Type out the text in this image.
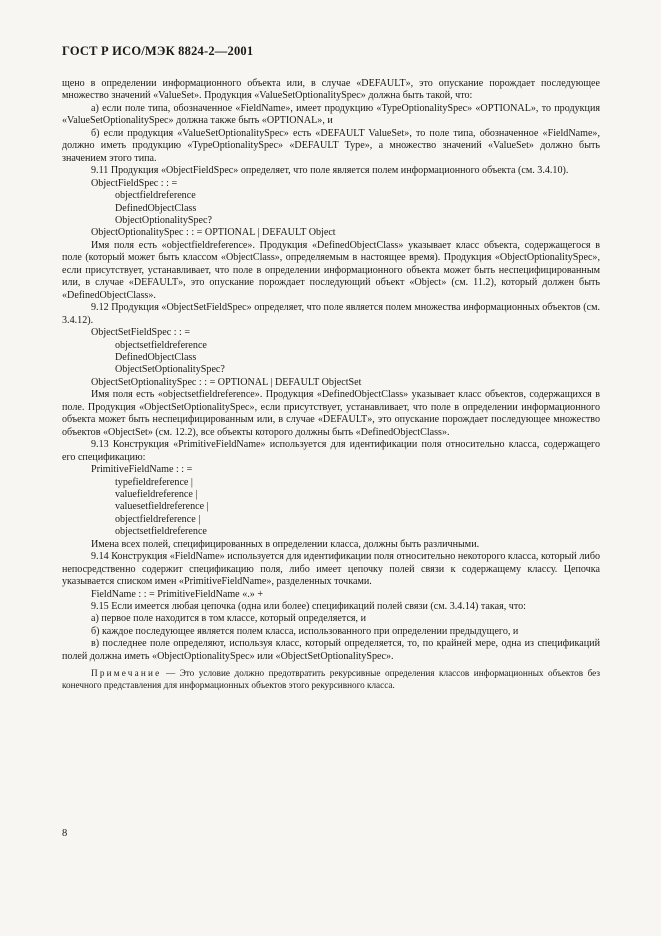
ГОСТ Р ИСО/МЭК 8824-2—2001

щено в определении информационного объекта или, в случае «DEFAULT», это опускание порождает последующее множество значений «ValueSet». Продукция «ValueSetOptionalitySpec» должна быть такой, что:

а) если поле типа, обозначенное «FieldName», имеет продукцию «TypeOptionalitySpec» «OPTIONAL», то продукция «ValueSetOptionalitySpec» должна также быть «OPTIONAL», и

б) если продукция «ValueSetOptionalitySpec» есть «DEFAULT ValueSet», то поле типа, обозначенное «FieldName», должно иметь продукцию «TypeOptionalitySpec» «DEFAULT Type», а множество значений «ValueSet» должно быть значением этого типа.

9.11 Продукция «ObjectFieldSpec» определяет, что поле является полем информационного объекта (см. 3.4.10).

ObjectFieldSpec : : =

objectfieldreference

DefinedObjectClass

ObjectOptionalitySpec?

ObjectOptionalitySpec : : = OPTIONAL | DEFAULT Object

Имя поля есть «objectfieldreference». Продукция «DefinedObjectClass» указывает класс объекта, содержащегося в поле (который может быть классом «ObjectClass», определяемым в настоящее время). Продукция «ObjectOptionalitySpec», если присутствует, устанавливает, что поле в определении информационного объекта может быть неспецифицированным или, в случае «DEFAULT», это опускание порождает последующий объект «Object» (см. 11.2), который должен быть «DefinedObjectClass».

9.12 Продукция «ObjectSetFieldSpec» определяет, что поле является полем множества информационных объектов (см. 3.4.12).

ObjectSetFieldSpec : : =

objectsetfieldreference

DefinedObjectClass

ObjectSetOptionalitySpec?

ObjectSetOptionalitySpec : : = OPTIONAL | DEFAULT ObjectSet

Имя поля есть «objectsetfieldreference». Продукция «DefinedObjectClass» указывает класс объектов, содержащихся в поле. Продукция «ObjectSetOptionalitySpec», если присутствует, устанавливает, что поле в определении информационного объекта может быть неспецифицированным или, в случае «DEFAULT», это опускание порождает последующее множество объектов «ObjectSet» (см. 12.2), все объекты которого должны быть «DefinedObjectClass».

9.13 Конструкция «PrimitiveFieldName» используется для идентификации поля относительно класса, содержащего его спецификацию:

PrimitiveFieldName : : =

typefieldreference |

valuefieldreference |

valuesetfieldreference |

objectfieldreference |

objectsetfieldreference

Имена всех полей, специфицированных в определении класса, должны быть различными.

9.14 Конструкция «FieldName» используется для идентификации поля относительно некоторого класса, который либо непосредственно содержит спецификацию поля, либо имеет цепочку полей связи к содержащему классу. Цепочка указывается списком имен «PrimitiveFieldName», разделенных точками.

FieldName : : = PrimitiveFieldName «.» +

9.15 Если имеется любая цепочка (одна или более) спецификаций полей связи (см. 3.4.14) такая, что:

а) первое поле находится в том классе, который определяется, и

б) каждое последующее является полем класса, использованного при определении предыдущего, и

в) последнее поле определяют, используя класс, который определяется, то, по крайней мере, одна из спецификаций полей должна иметь «ObjectOptionalitySpec» или «ObjectSetOptionalitySpec».

Примечание — Это условие должно предотвратить рекурсивные определения классов информационных объектов без конечного представления для информационных объектов этого рекурсивного класса.

8
